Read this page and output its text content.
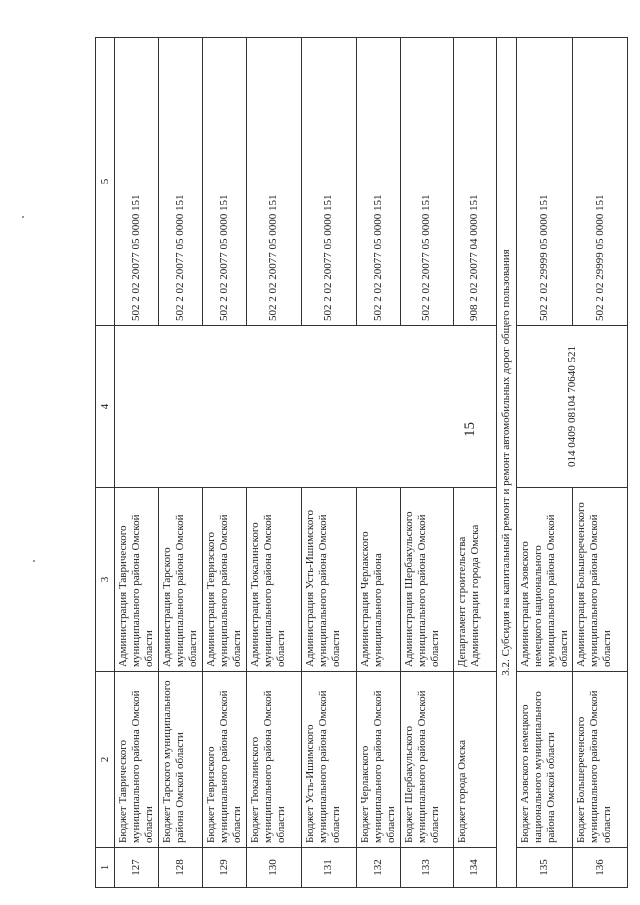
15
1	2	3	4	5
127	Бюджет Таврического муниципального района Омской области	Администрация Таврического муниципального района Омской области		502 2 02 20077 05 0000 151
128	Бюджет Тарского муниципального района Омской области	Администрация Тарского муниципального района Омской области		502 2 02 20077 05 0000 151
129	Бюджет Тевризского муниципального района Омской области	Администрация Тевризского муниципального района Омской области		502 2 02 20077 05 0000 151
130	Бюджет Тюкалинского муниципального района Омской области	Администрация Тюкалинского муниципального района Омской области		502 2 02 20077 05 0000 151
131	Бюджет Усть-Ишимского муниципального района Омской области	Администрация Усть-Ишимского муниципального района Омской области		502 2 02 20077 05 0000 151
132	Бюджет Черлакского муниципального района Омской области	Администрация Черлакского муниципального района		502 2 02 20077 05 0000 151
133	Бюджет Шербакульского муниципального района Омской области	Администрация Шербакульского муниципального района Омской области		502 2 02 20077 05 0000 151
134	Бюджет города Омска	Департамент строительства Администрации города Омска		908 2 02 20077 04 0000 151
3.2. Субсидия на капитальный ремонт и ремонт автомобильных дорог общего пользования				
135	Бюджет Азовского немецкого национального муниципального района Омской области	Администрация Азовского немецкого национального муниципального района Омской области	014 0409 08104 70640 521	502 2 02 29999 05 0000 151
136	Бюджет Большереченского муниципального района Омской области	Администрация Большереченского муниципального района Омской области		502 2 02 29999 05 0000 151
